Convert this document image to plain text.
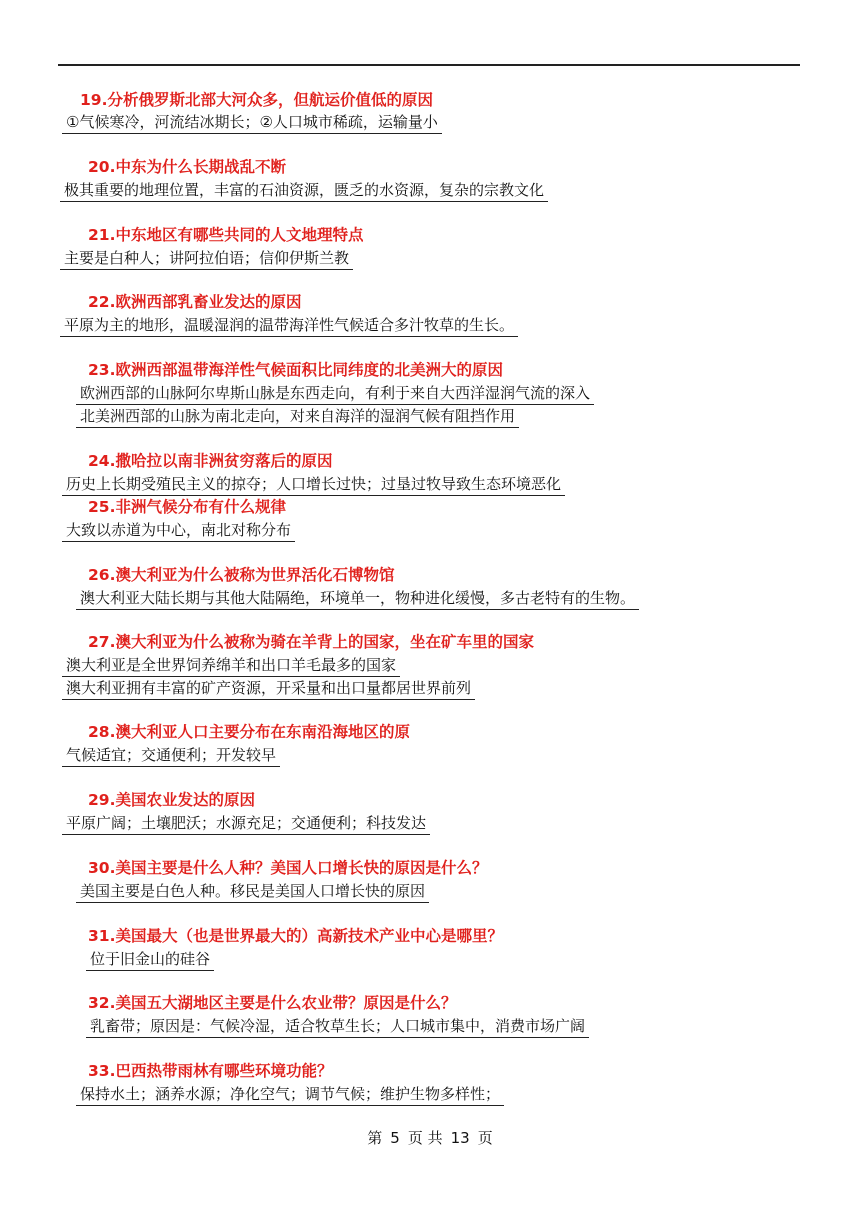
19.分析俄罗斯北部大河众多，但航运价值低的原因
①气候寒冷，河流结冰期长；②人口城市稀疏，运输量小
20.中东为什么长期战乱不断
极其重要的地理位置，丰富的石油资源，匮乏的水资源，复杂的宗教文化
21.中东地区有哪些共同的人文地理特点
主要是白种人；讲阿拉伯语；信仰伊斯兰教
22.欧洲西部乳畜业发达的原因
平原为主的地形，温暖湿润的温带海洋性气候适合多汁牧草的生长。
23.欧洲西部温带海洋性气候面积比同纬度的北美洲大的原因
欧洲西部的山脉阿尔卑斯山脉是东西走向，有利于来自大西洋湿润气流的深入
北美洲西部的山脉为南北走向，对来自海洋的湿润气候有阻挡作用
24.撒哈拉以南非洲贫穷落后的原因
历史上长期受殖民主义的掠夺；人口增长过快；过垦过牧导致生态环境恶化
25.非洲气候分布有什么规律
大致以赤道为中心，南北对称分布
26.澳大利亚为什么被称为世界活化石博物馆
澳大利亚大陆长期与其他大陆隔绝，环境单一，物种进化缓慢，多古老特有的生物。
27.澳大利亚为什么被称为骑在羊背上的国家，坐在矿车里的国家
澳大利亚是全世界饲养绵羊和出口羊毛最多的国家
澳大利亚拥有丰富的矿产资源，开采量和出口量都居世界前列
28.澳大利亚人口主要分布在东南沿海地区的原
气候适宜；交通便利；开发较早
29.美国农业发达的原因
平原广阔；土壤肥沃；水源充足；交通便利；科技发达
30.美国主要是什么人种？美国人口增长快的原因是什么？
美国主要是白色人种。移民是美国人口增长快的原因
31.美国最大（也是世界最大的）高新技术产业中心是哪里？
位于旧金山的硅谷
32.美国五大湖地区主要是什么农业带？原因是什么？
乳畜带；原因是：气候冷湿，适合牧草生长；人口城市集中，消费市场广阔
33.巴西热带雨林有哪些环境功能？
保持水土；涵养水源；净化空气；调节气候；维护生物多样性；
第 5 页 共 13 页
